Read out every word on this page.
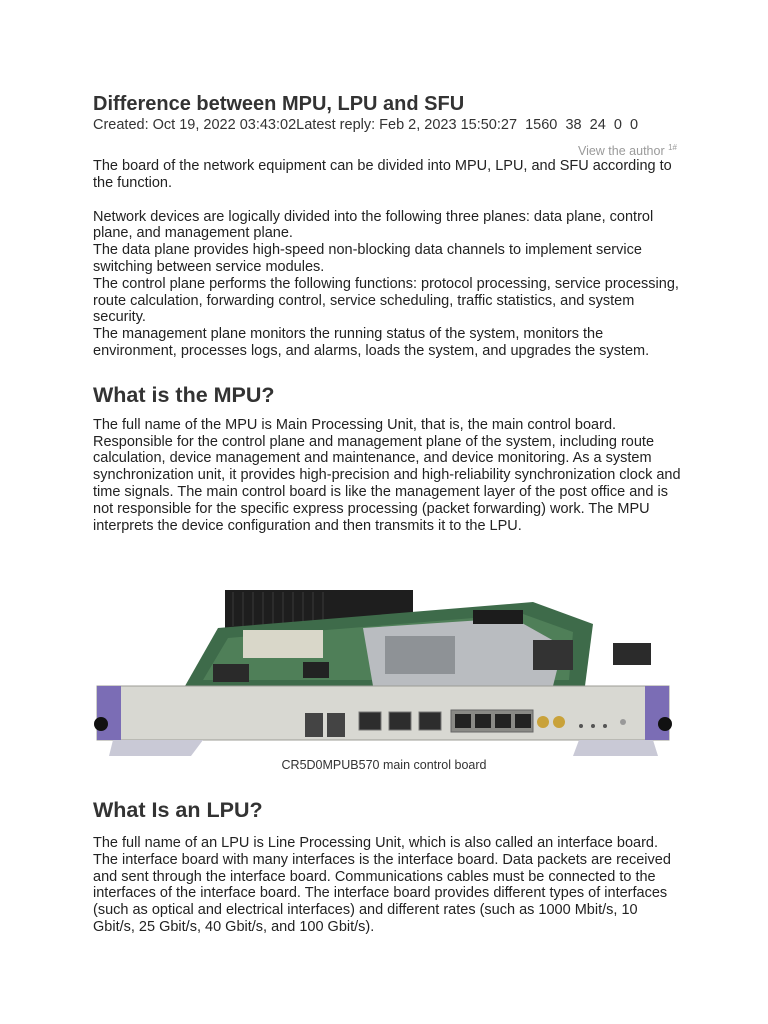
Difference between MPU, LPU and SFU
Created: Oct 19, 2022 03:43:02Latest reply: Feb 2, 2023 15:50:27 1560 38 24 0 0
View the author $^{1\#}$

The board of the network equipment can be divided into MPU, LPU, and SFU according to the function.

Network devices are logically divided into the following three planes: data plane, control plane, and management plane.

The data plane provides high-speed non-blocking data channels to implement service switching between service modules.

The control plane performs the following functions: protocol processing, service processing, route calculation, forwarding control, service scheduling, traffic statistics, and system security.

The management plane monitors the running status of the system, monitors the environment, processes logs, and alarms, loads the system, and upgrades the system.

What is the MPU?

The full name of the MPU is Main Processing Unit, that is, the main control board. Responsible for the control plane and management plane of the system, including route calculation, device management and maintenance, and device monitoring. As a system synchronization unit, it provides high-precision and high-reliability synchronization clock and time signals. The main control board is like the management layer of the post office and is not responsible for the specific express processing (packet forwarding) work. The MPU interprets the device configuration and then transmits it to the LPU.

CR5D0MPUB570 main control board
What Is an LPU?

The full name of an LPU is Line Processing Unit, which is also called an interface board. The interface board with many interfaces is the interface board. Data packets are received and sent through the interface board. Communications cables must be connected to the interfaces of the interface board. The interface board provides different types of interfaces (such as optical and electrical interfaces) and different rates (such as 1000 Mbit/s, 10 Gbit/s, 25 Gbit/s, 40 Gbit/s, and 100 Gbit/s).
